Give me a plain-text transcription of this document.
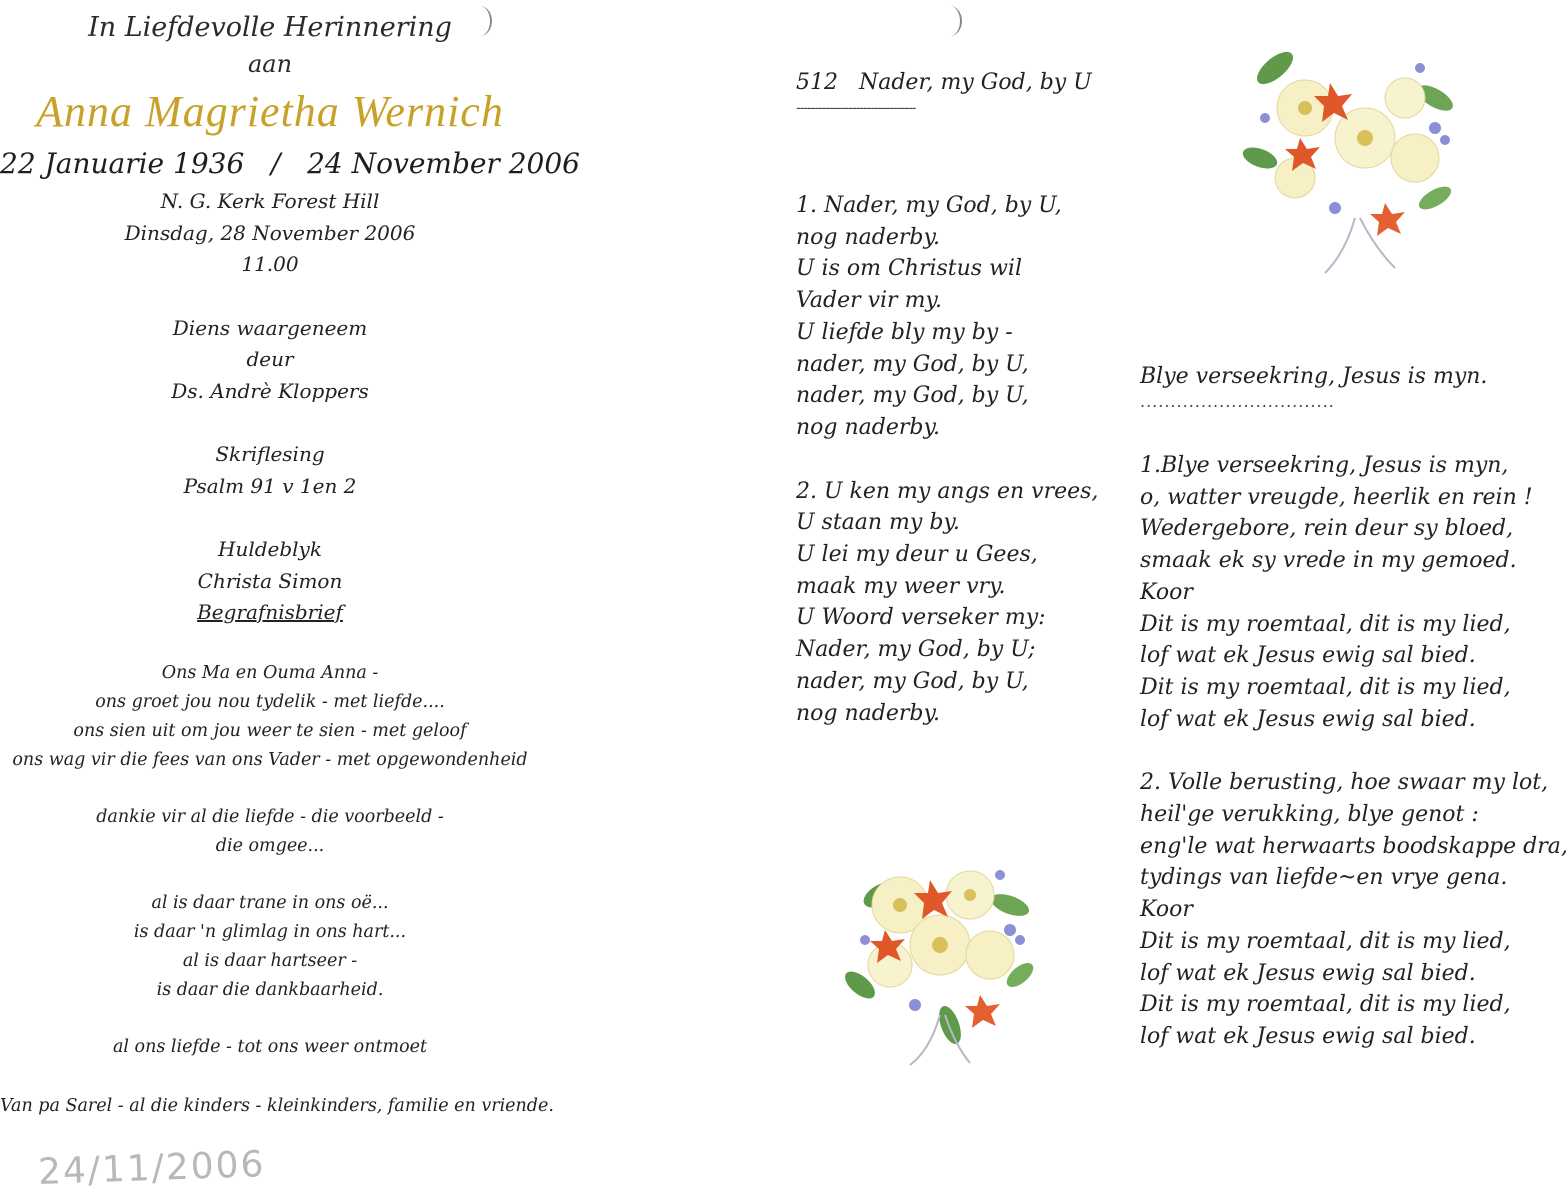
In Liefdevolle Herinnering
aan
Anna Magrietha Wernich
22 Januarie 1936   /   24 November 2006
N. G. Kerk Forest Hill
Dinsdag, 28 November 2006
11.00
Diens waargeneem
deur
Ds. Andrè Kloppers
Skriflesing
Psalm 91 v 1en 2
Huldeblyk
Christa Simon
Begrafnisbrief
Ons Ma en Ouma Anna -
ons groet jou nou tydelik - met liefde....
ons sien uit om jou weer te sien - met geloof
ons wag vir die fees van ons Vader - met opgewondenheid
dankie vir al die liefde - die voorbeeld -
die omgee...
al is daar trane in ons oë...
is daar 'n glimlag in ons hart...
al is daar hartseer -
is daar die dankbaarheid.
al ons liefde - tot ons weer ontmoet
Van pa Sarel - al die kinders - kleinkinders, familie en vriende.
24/11/2006
512   Nader, my God, by U
--------------------------------
1. Nader, my God, by U,
nog naderby.
U is om Christus wil
Vader vir my.
U liefde bly my by -
nader, my God, by U,
nader, my God, by U,
nog naderby.
2. U ken my angs en vrees,
U staan my by.
U lei my deur u Gees,
maak my weer vry.
U Woord verseker my:
Nader, my God, by U;
nader, my God, by U,
nog naderby.
Blye verseekring, Jesus is myn.
................................
1.Blye verseekring, Jesus is myn,
o, watter vreugde, heerlik en rein !
Wedergebore, rein deur sy bloed,
smaak ek sy vrede in my gemoed.
Koor
Dit is my roemtaal, dit is my lied,
lof wat ek Jesus ewig sal bied.
Dit is my roemtaal, dit is my lied,
lof wat ek Jesus ewig sal bied.
2. Volle berusting, hoe swaar my lot,
heil'ge verukking, blye genot :
eng'le wat herwaarts boodskappe dra,
tydings van liefde~en vrye gena.
Koor
Dit is my roemtaal, dit is my lied,
lof wat ek Jesus ewig sal bied.
Dit is my roemtaal, dit is my lied,
lof wat ek Jesus ewig sal bied.
